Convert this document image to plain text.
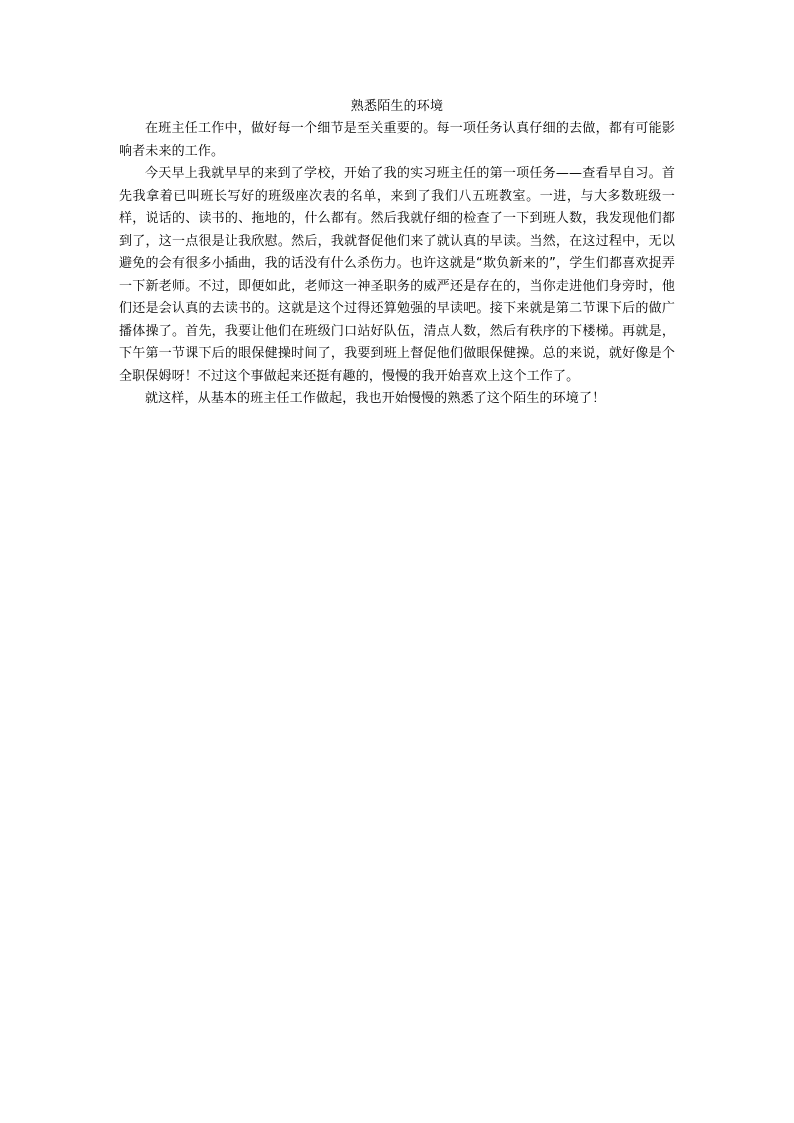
熟悉陌生的环境

在班主任工作中，做好每一个细节是至关重要的。每一项任务认真仔细的去做，都有可能影响者未来的工作。

今天早上我就早早的来到了学校，开始了我的实习班主任的第一项任务——查看早自习。首先我拿着已叫班长写好的班级座次表的名单，来到了我们八五班教室。一进，与大多数班级一样，说话的、读书的、拖地的，什么都有。然后我就仔细的检查了一下到班人数，我发现他们都到了，这一点很是让我欣慰。然后，我就督促他们来了就认真的早读。当然，在这过程中，无以避免的会有很多小插曲，我的话没有什么杀伤力。也许这就是“欺负新来的”，学生们都喜欢捉弄一下新老师。不过，即便如此，老师这一神圣职务的威严还是存在的，当你走进他们身旁时，他们还是会认真的去读书的。这就是这个过得还算勉强的早读吧。接下来就是第二节课下后的做广播体操了。首先，我要让他们在班级门口站好队伍，清点人数，然后有秩序的下楼梯。再就是，下午第一节课下后的眼保健操时间了，我要到班上督促他们做眼保健操。总的来说，就好像是个全职保姆呀！不过这个事做起来还挺有趣的，慢慢的我开始喜欢上这个工作了。

就这样，从基本的班主任工作做起，我也开始慢慢的熟悉了这个陌生的环境了！
